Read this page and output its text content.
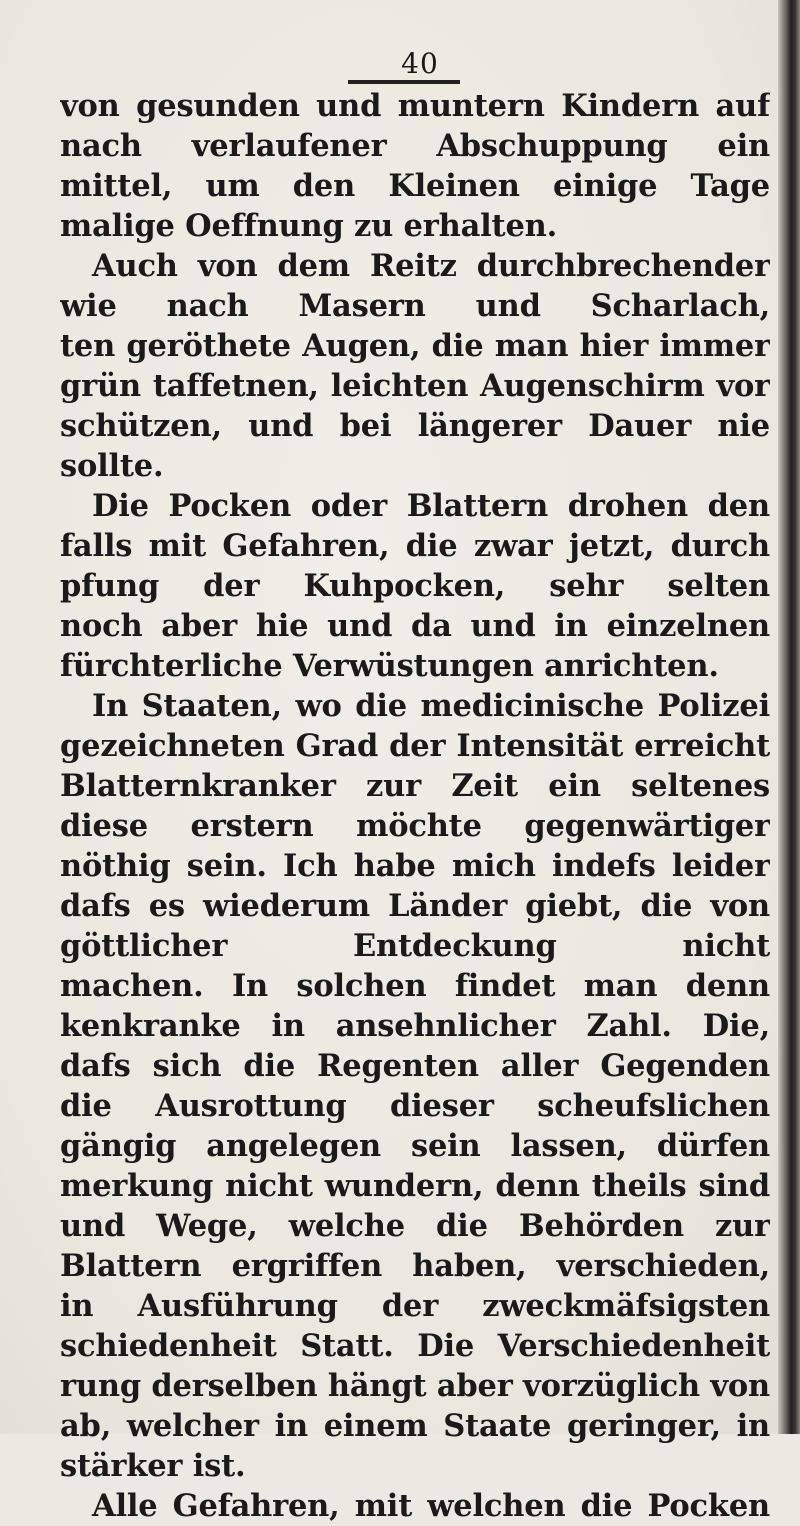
40
von gesunden und muntern Kindern auf
nach verlaufener Abschuppung ein
mittel, um den Kleinen einige Tage
malige Oeffnung zu erhalten.
Auch von dem Reitz durchbrechender
wie nach Masern und Scharlach,
ten geröthete Augen, die man hier immer
grün taffetnen, leichten Augenschirm vor
schützen, und bei längerer Dauer nie
sollte.
Die Pocken oder Blattern drohen den
falls mit Gefahren, die zwar jetzt, durch
pfung der Kuhpocken, sehr selten
noch aber hie und da und in einzelnen
fürchterliche Verwüstungen anrichten.
In Staaten, wo die medicinische Polizei
gezeichneten Grad der Intensität erreicht
Blatternkranker zur Zeit ein seltenes
diese erstern möchte gegenwärtiger
nöthig sein. Ich habe mich indefs leider
dafs es wiederum Länder giebt, die von
göttlicher Entdeckung nicht
machen. In solchen findet man denn
kenkranke in ansehnlicher Zahl. Die,
dafs sich die Regenten aller Gegenden
die Ausrottung dieser scheufslichen
gängig angelegen sein lassen, dürfen
merkung nicht wundern, denn theils sind
und Wege, welche die Behörden zur
Blattern ergriffen haben, verschieden,
in Ausführung der zweckmäfsigsten
schiedenheit Statt. Die Verschiedenheit
rung derselben hängt aber vorzüglich von
ab, welcher in einem Staate geringer, in
stärker ist.
Alle Gefahren, mit welchen die Pocken
